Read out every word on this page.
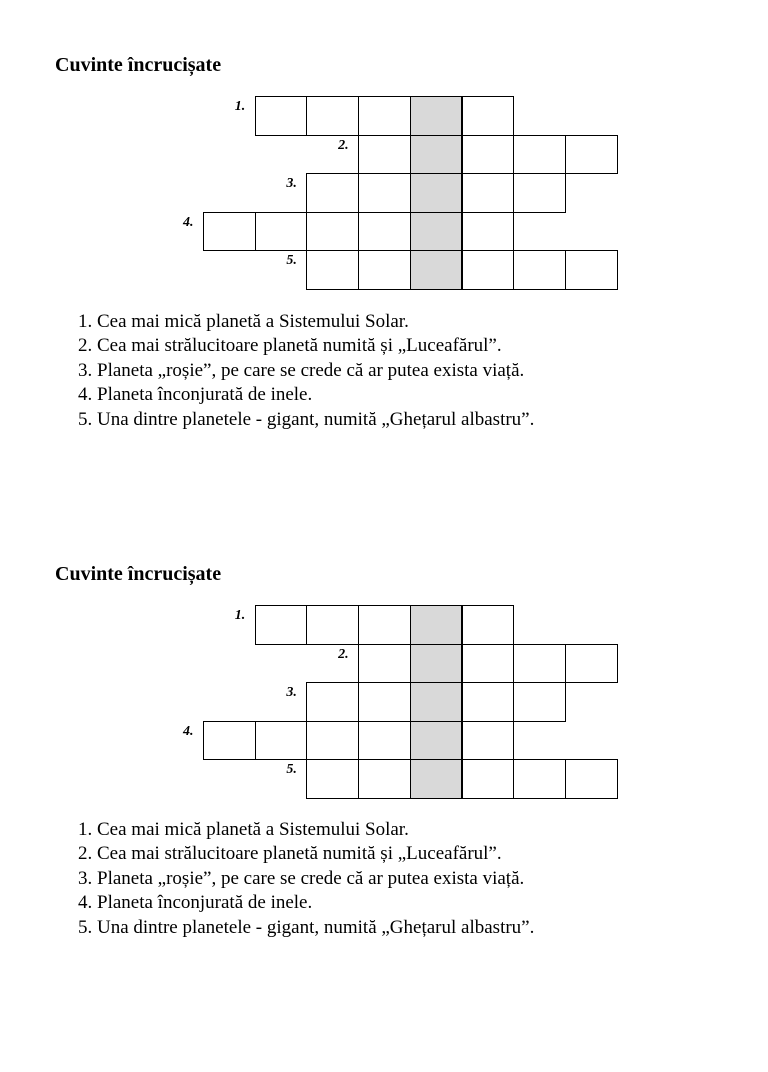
Cuvinte încrucișate
1.
2.
3.
4.
5.
1. Cea mai mică planetă a Sistemului Solar.
2. Cea mai strălucitoare planetă numită și „Luceafărul”.
3. Planeta „roșie”, pe care se crede că ar putea exista viață.
4. Planeta înconjurată de inele.
5. Una dintre planetele - gigant, numită „Ghețarul albastru”.
Cuvinte încrucișate
1.
2.
3.
4.
5.
1. Cea mai mică planetă a Sistemului Solar.
2. Cea mai strălucitoare planetă numită și „Luceafărul”.
3. Planeta „roșie”, pe care se crede că ar putea exista viață.
4. Planeta înconjurată de inele.
5. Una dintre planetele - gigant, numită „Ghețarul albastru”.
